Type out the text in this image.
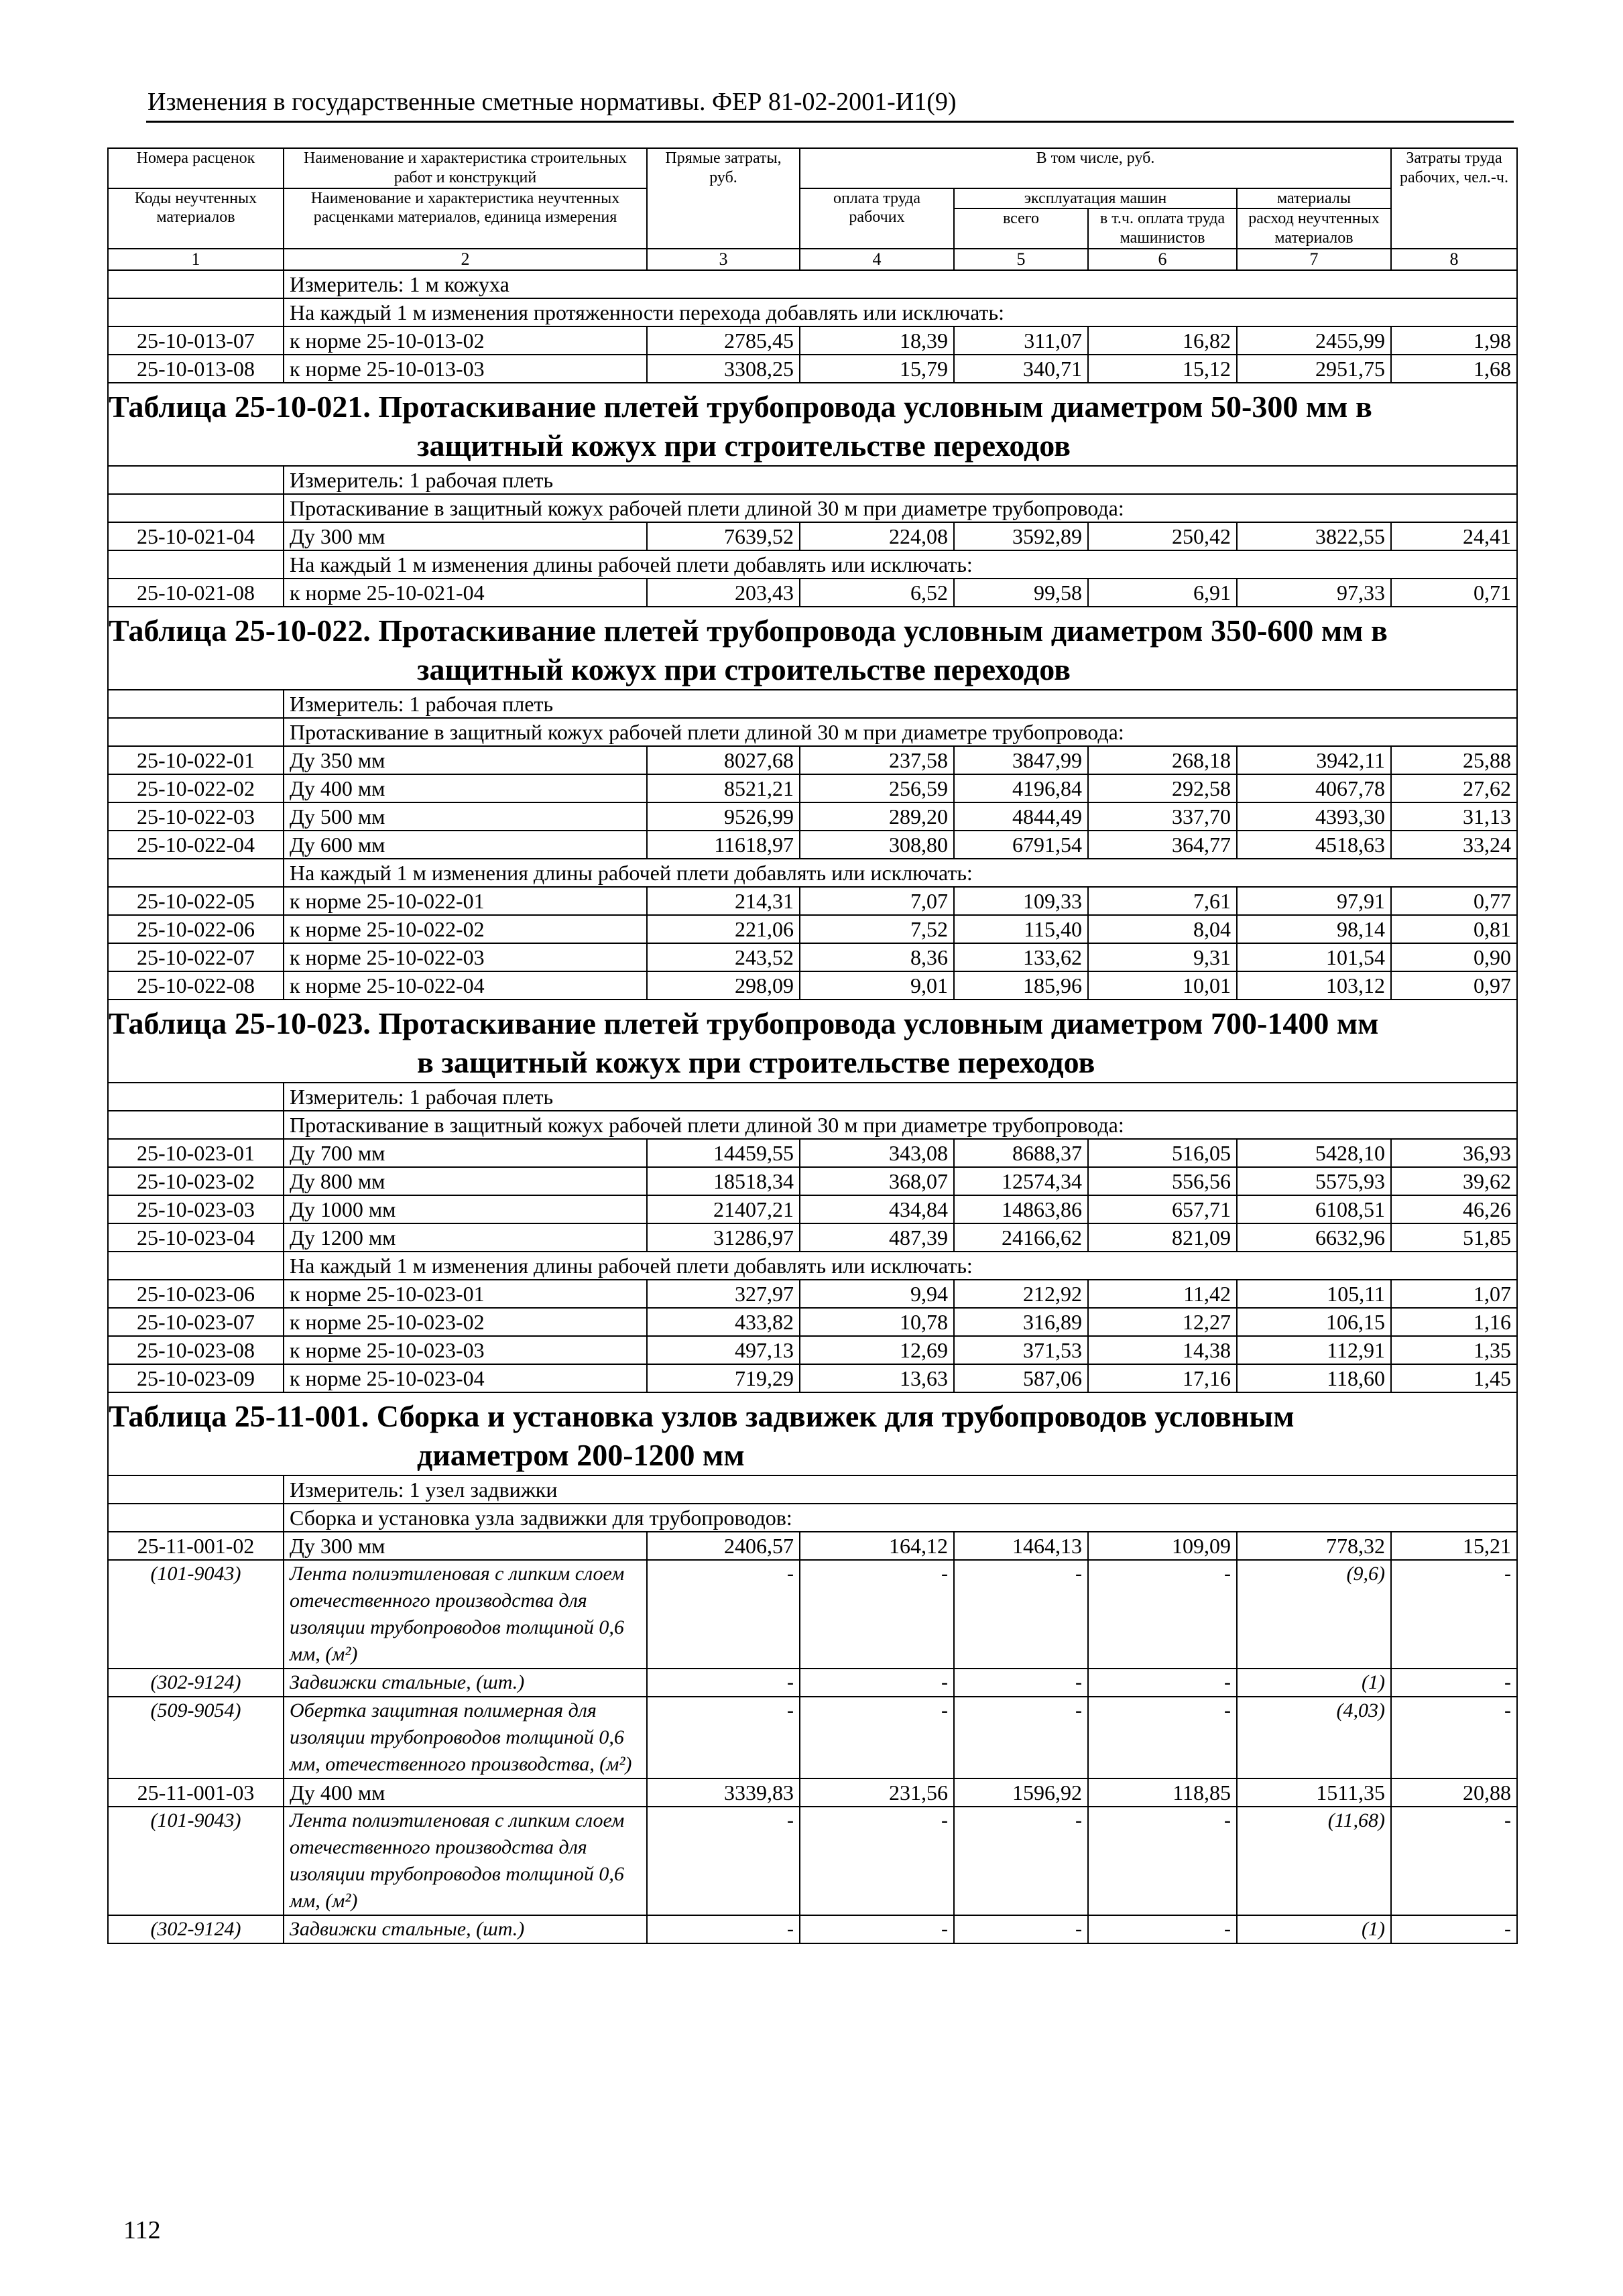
Изменения в государственные сметные нормативы. ФЕР 81-02-2001-И1(9)
Номера расценок	Наименование и характеристика строительных работ и конструкций	Прямые затраты, руб.	В том числе, руб.				Затраты труда рабочих, чел.-ч.
Коды неучтенных материалов	Наименование и характеристика неучтенных расценками материалов, единица измерения		оплата труда рабочих	эксплуатация машин		материалы	
				всего	в т.ч. оплата труда машинистов	расход неучтенных материалов	
1	2	3	4	5	6	7	8
	Измеритель: 1 м кожуха						
	На каждый 1 м изменения протяженности перехода добавлять или исключать:						
25-10-013-07	к норме 25-10-013-02	2785,45	18,39	311,07	16,82	2455,99	1,98
25-10-013-08	к норме 25-10-013-03	3308,25	15,79	340,71	15,12	2951,75	1,68
Таблица 25-10-021. Протаскивание плетей трубопровода условным диаметром 50-300 мм в
защитный кожух при строительстве переходов							

	Измеритель: 1 рабочая плеть						
	Протаскивание в защитный кожух рабочей плети длиной 30 м при диаметре трубопровода:						
25-10-021-04	Ду 300 мм	7639,52	224,08	3592,89	250,42	3822,55	24,41
	На каждый 1 м изменения длины рабочей плети добавлять или исключать:						
25-10-021-08	к норме 25-10-021-04	203,43	6,52	99,58	6,91	97,33	0,71
Таблица 25-10-022. Протаскивание плетей трубопровода условным диаметром 350-600 мм в
защитный кожух при строительстве переходов							

	Измеритель: 1 рабочая плеть						
	Протаскивание в защитный кожух рабочей плети длиной 30 м при диаметре трубопровода:						
25-10-022-01	Ду 350 мм	8027,68	237,58	3847,99	268,18	3942,11	25,88
25-10-022-02	Ду 400 мм	8521,21	256,59	4196,84	292,58	4067,78	27,62
25-10-022-03	Ду 500 мм	9526,99	289,20	4844,49	337,70	4393,30	31,13
25-10-022-04	Ду 600 мм	11618,97	308,80	6791,54	364,77	4518,63	33,24
	На каждый 1 м изменения длины рабочей плети добавлять или исключать:						
25-10-022-05	к норме 25-10-022-01	214,31	7,07	109,33	7,61	97,91	0,77
25-10-022-06	к норме 25-10-022-02	221,06	7,52	115,40	8,04	98,14	0,81
25-10-022-07	к норме 25-10-022-03	243,52	8,36	133,62	9,31	101,54	0,90
25-10-022-08	к норме 25-10-022-04	298,09	9,01	185,96	10,01	103,12	0,97
Таблица 25-10-023. Протаскивание плетей трубопровода условным диаметром 700-1400 мм
в защитный кожух при строительстве переходов							

	Измеритель: 1 рабочая плеть						
	Протаскивание в защитный кожух рабочей плети длиной 30 м при диаметре трубопровода:						
25-10-023-01	Ду 700 мм	14459,55	343,08	8688,37	516,05	5428,10	36,93
25-10-023-02	Ду 800 мм	18518,34	368,07	12574,34	556,56	5575,93	39,62
25-10-023-03	Ду 1000 мм	21407,21	434,84	14863,86	657,71	6108,51	46,26
25-10-023-04	Ду 1200 мм	31286,97	487,39	24166,62	821,09	6632,96	51,85
	На каждый 1 м изменения длины рабочей плети добавлять или исключать:						
25-10-023-06	к норме 25-10-023-01	327,97	9,94	212,92	11,42	105,11	1,07
25-10-023-07	к норме 25-10-023-02	433,82	10,78	316,89	12,27	106,15	1,16
25-10-023-08	к норме 25-10-023-03	497,13	12,69	371,53	14,38	112,91	1,35
25-10-023-09	к норме 25-10-023-04	719,29	13,63	587,06	17,16	118,60	1,45
Таблица 25-11-001. Сборка и установка узлов задвижек для трубопроводов условным
диаметром 200-1200 мм							

	Измеритель: 1 узел задвижки						
	Сборка и установка узла задвижки для трубопроводов:						
25-11-001-02	Ду 300 мм	2406,57	164,12	1464,13	109,09	778,32	15,21
(101-9043)	Лента полиэтиленовая с липким слоем отечественного производства для изоляции трубопроводов толщиной 0,6 мм, (м²)	-	-	-	-	(9,6)	-
(302-9124)	Задвижки стальные, (шт.)	-	-	-	-	(1)	-
(509-9054)	Обертка защитная полимерная для изоляции трубопроводов толщиной 0,6 мм, отечественного производства, (м²)	-	-	-	-	(4,03)	-
25-11-001-03	Ду 400 мм	3339,83	231,56	1596,92	118,85	1511,35	20,88
(101-9043)	Лента полиэтиленовая с липким слоем отечественного производства для изоляции трубопроводов толщиной 0,6 мм, (м²)	-	-	-	-	(11,68)	-
(302-9124)	Задвижки стальные, (шт.)	-	-	-	-	(1)	-
112
